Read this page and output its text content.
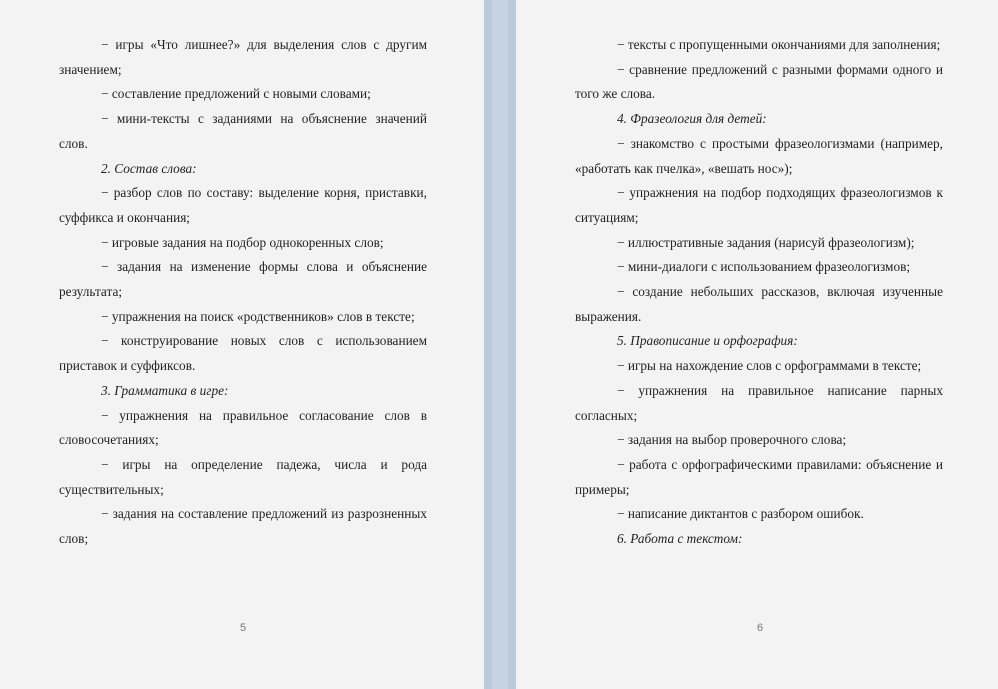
− игры «Что лишнее?» для выделения слов с другим значением;

− составление предложений с новыми словами;

− мини-тексты с заданиями на объяснение значений слов.

2. Состав слова:

− разбор слов по составу: выделение корня, приставки, суффикса и окончания;

− игровые задания на подбор однокоренных слов;

− задания на изменение формы слова и объяснение результата;

− упражнения на поиск «родственников» слов в тексте;

− конструирование новых слов с использованием приставок и суффиксов.

3. Грамматика в игре:

− упражнения на правильное согласование слов в словосочетаниях;

− игры на определение падежа, числа и рода существительных;

− задания на составление предложений из разрозненных слов;

5

− тексты с пропущенными окончаниями для заполнения;

− сравнение предложений с разными формами одного и того же слова.

4. Фразеология для детей:

− знакомство с простыми фразеологизмами (например, «работать как пчелка», «вешать нос»);

− упражнения на подбор подходящих фразеологизмов к ситуациям;

− иллюстративные задания (нарисуй фразеологизм);

− мини-диалоги с использованием фразеологизмов;

− создание небольших рассказов, включая изученные выражения.

5. Правописание и орфография:

− игры на нахождение слов с орфограммами в тексте;

− упражнения на правильное написание парных согласных;

− задания на выбор проверочного слова;

− работа с орфографическими правилами: объяснение и примеры;

− написание диктантов с разбором ошибок.

6. Работа с текстом:

6
